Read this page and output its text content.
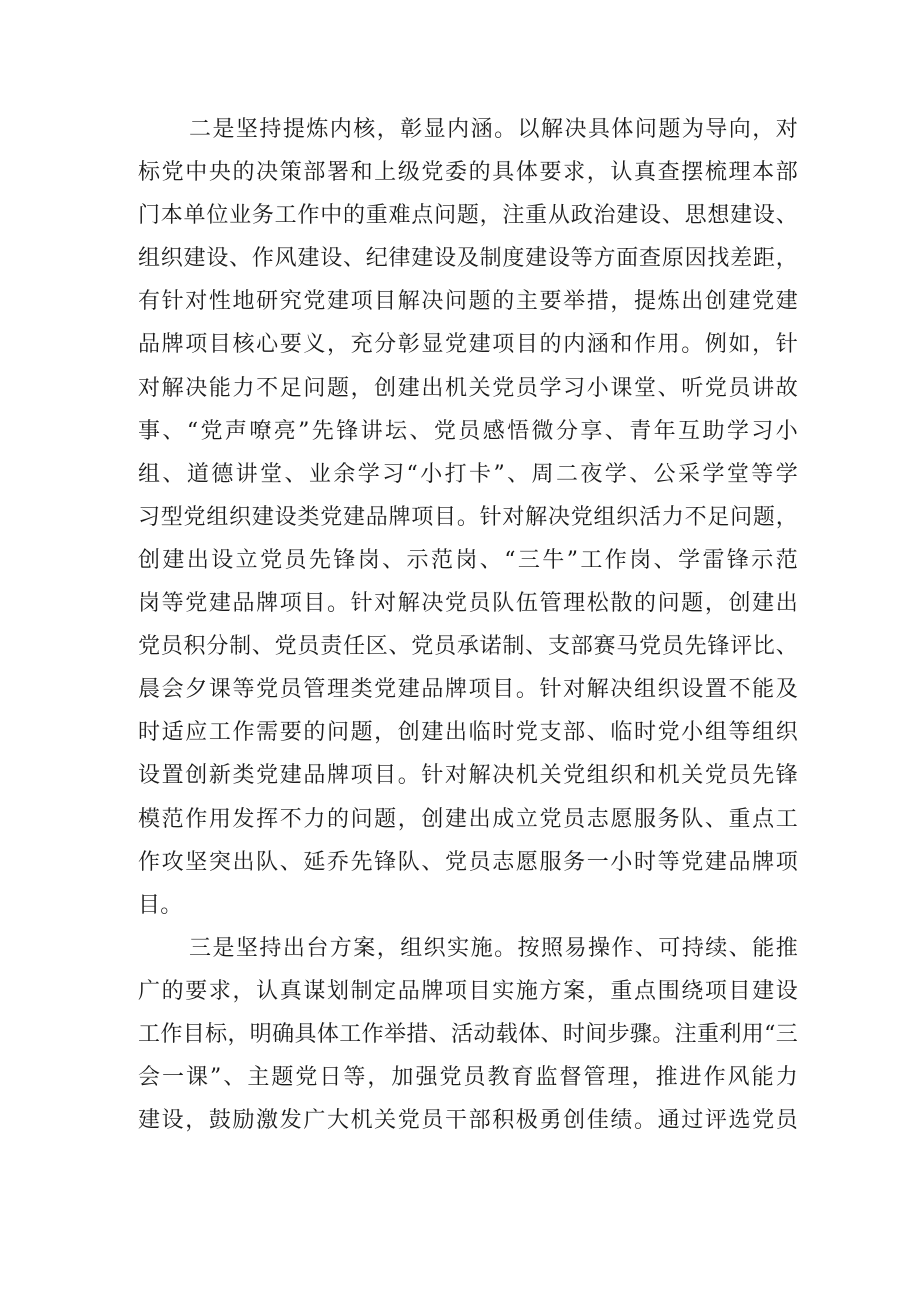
二是坚持提炼内核，彰显内涵。以解决具体问题为导向，对
标党中央的决策部署和上级党委的具体要求，认真查摆梳理本部
门本单位业务工作中的重难点问题，注重从政治建设、思想建设、
组织建设、作风建设、纪律建设及制度建设等方面查原因找差距，
有针对性地研究党建项目解决问题的主要举措，提炼出创建党建
品牌项目核心要义，充分彰显党建项目的内涵和作用。例如，针
对解决能力不足问题，创建出机关党员学习小课堂、听党员讲故
事、“党声嘹亮”先锋讲坛、党员感悟微分享、青年互助学习小
组、道德讲堂、业余学习“小打卡”、周二夜学、公采学堂等学
习型党组织建设类党建品牌项目。针对解决党组织活力不足问题，
创建出设立党员先锋岗、示范岗、“三牛”工作岗、学雷锋示范
岗等党建品牌项目。针对解决党员队伍管理松散的问题，创建出
党员积分制、党员责任区、党员承诺制、支部赛马党员先锋评比、
晨会夕课等党员管理类党建品牌项目。针对解决组织设置不能及
时适应工作需要的问题，创建出临时党支部、临时党小组等组织
设置创新类党建品牌项目。针对解决机关党组织和机关党员先锋
模范作用发挥不力的问题，创建出成立党员志愿服务队、重点工
作攻坚突出队、延乔先锋队、党员志愿服务一小时等党建品牌项
目。
三是坚持出台方案，组织实施。按照易操作、可持续、能推
广的要求，认真谋划制定品牌项目实施方案，重点围绕项目建设
工作目标，明确具体工作举措、活动载体、时间步骤。注重利用“三
会一课”、主题党日等，加强党员教育监督管理，推进作风能力
建设，鼓励激发广大机关党员干部积极勇创佳绩。通过评选党员
